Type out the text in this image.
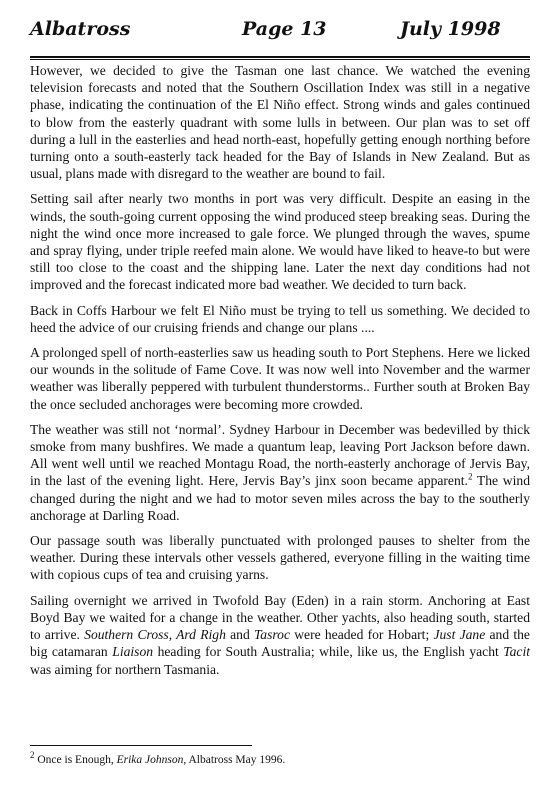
Albatross	Page 13	July 1998

However, we decided to give the Tasman one last chance. We watched the evening television forecasts and noted that the Southern Oscillation Index was still in a negative phase, indicating the continuation of the El Niño effect. Strong winds and gales continued to blow from the easterly quadrant with some lulls in between. Our plan was to set off during a lull in the easterlies and head north-east, hopefully getting enough northing before turning onto a south-easterly tack headed for the Bay of Islands in New Zealand. But as usual, plans made with disregard to the weather are bound to fail.

Setting sail after nearly two months in port was very difficult. Despite an easing in the winds, the south-going current opposing the wind produced steep breaking seas. During the night the wind once more increased to gale force. We plunged through the waves, spume and spray flying, under triple reefed main alone. We would have liked to heave-to but were still too close to the coast and the shipping lane. Later the next day conditions had not improved and the forecast indicated more bad weather. We decided to turn back.

Back in Coffs Harbour we felt El Niño must be trying to tell us something. We decided to heed the advice of our cruising friends and change our plans ....

A prolonged spell of north-easterlies saw us heading south to Port Stephens. Here we licked our wounds in the solitude of Fame Cove. It was now well into November and the warmer weather was liberally peppered with turbulent thunderstorms.. Further south at Broken Bay the once secluded anchorages were becoming more crowded.

The weather was still not ‘normal’. Sydney Harbour in December was bedevilled by thick smoke from many bushfires. We made a quantum leap, leaving Port Jackson before dawn. All went well until we reached Montagu Road, the north-easterly anchorage of Jervis Bay, in the last of the evening light. Here, Jervis Bay’s jinx soon became apparent.$^2$ The wind changed during the night and we had to motor seven miles across the bay to the southerly anchorage at Darling Road.

Our passage south was liberally punctuated with prolonged pauses to shelter from the weather. During these intervals other vessels gathered, everyone filling in the waiting time with copious cups of tea and cruising yarns.

Sailing overnight we arrived in Twofold Bay (Eden) in a rain storm. Anchoring at East Boyd Bay we waited for a change in the weather. Other yachts, also heading south, started to arrive. Southern Cross, Ard Righ and Tasroc were headed for Hobart; Just Jane and the big catamaran Liaison heading for South Australia; while, like us, the English yacht Tacit was aiming for northern Tasmania.

$^2$ Once is Enough, Erika Johnson, Albatross May 1996.
